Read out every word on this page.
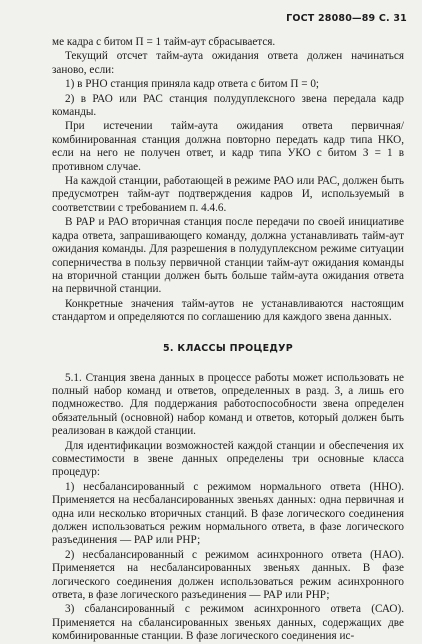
ГОСТ 28080—89 С. 31

ме кадра с битом П = 1 тайм-аут сбрасывается.

Текущий отсчет тайм-аута ожидания ответа должен начинаться заново, если:

1) в РНО станция приняла кадр ответа с битом П = 0;

2) в РАО или РАС станция полудуплексного звена передала кадр команды.

При истечении тайм-аута ожидания ответа первичная/комбинированная станция должна повторно передать кадр типа НКО, если на него не получен ответ, и кадр типа УКО с битом З = 1 в противном случае.

На каждой станции, работающей в режиме РАО или РАС, должен быть предусмотрен тайм-аут подтверждения кадров И, используемый в соответствии с требованием п. 4.4.6.

В РАР и РАО вторичная станция после передачи по своей инициативе кадра ответа, запрашивающего команду, должна устанавливать тайм-аут ожидания команды. Для разрешения в полудуплексном режиме ситуации соперничества в пользу первичной станции тайм-аут ожидания команды на вторичной станции должен быть больше тайм-аута ожидания ответа на первичной станции.

Конкретные значения тайм-аутов не устанавливаются настоящим стандартом и определяются по соглашению для каждого звена данных.

5. КЛАССЫ ПРОЦЕДУР

5.1. Станция звена данных в процессе работы может использовать не полный набор команд и ответов, определенных в разд. 3, а лишь его подмножество. Для поддержания работоспособности звена определен обязательный (основной) набор команд и ответов, который должен быть реализован в каждой станции.

Для идентификации возможностей каждой станции и обеспечения их совместимости в звене данных определены три основные класса процедур:

1) несбалансированный с режимом нормального ответа (ННО). Применяется на несбалансированных звеньях данных: одна первичная и одна или несколько вторичных станций. В фазе логического соединения должен использоваться режим нормального ответа, в фазе логического разъединения — РАР или РНР;

2) несбалансированный с режимом асинхронного ответа (НАО). Применяется на несбалансированных звеньях данных. В фазе логического соединения должен использоваться режим асинхронного ответа, в фазе логического разъединения — РАР или РНР;

3) сбалансированный с режимом асинхронного ответа (САО). Применяется на сбалансированных звеньях данных, содержащих две комбинированные станции. В фазе логического соединения ис-
